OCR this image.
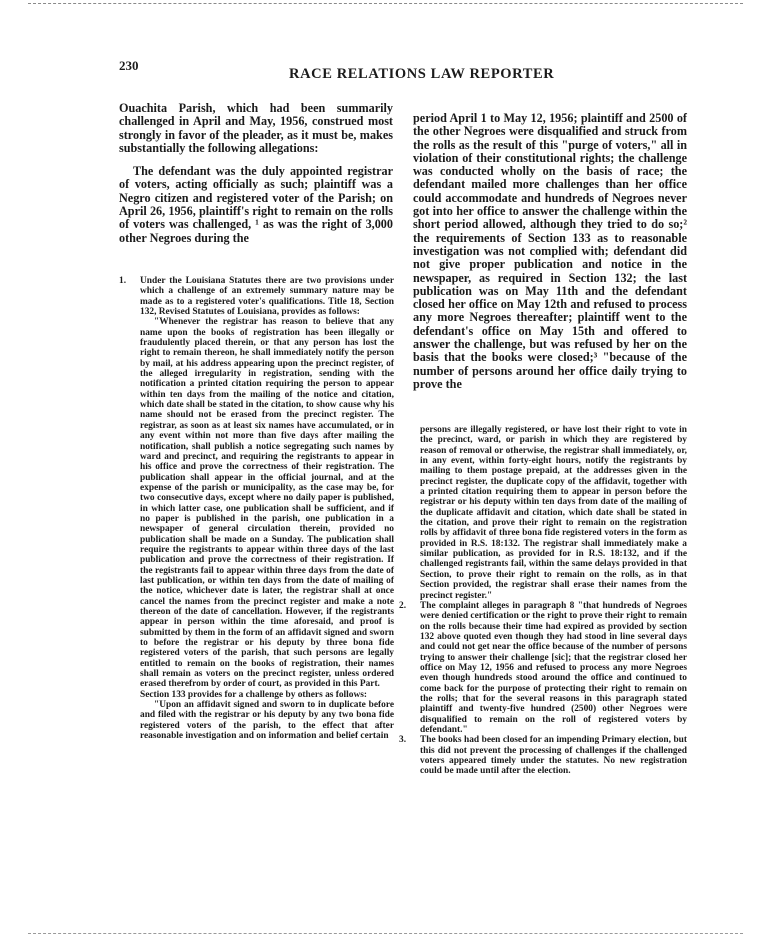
230
RACE RELATIONS LAW REPORTER

Ouachita Parish, which had been summarily challenged in April and May, 1956, construed most strongly in favor of the pleader, as it must be, makes substantially the following allegations:

The defendant was the duly appointed registrar of voters, acting officially as such; plaintiff was a Negro citizen and registered voter of the Parish; on April 26, 1956, plaintiff's right to remain on the rolls of voters was challenged, ¹ as was the right of 3,000 other Negroes during the

1. Under the Louisiana Statutes there are two provisions under which a challenge of an extremely summary nature may be made as to a registered voter's qualifications. Title 18, Section 132, Revised Statutes of Louisiana, provides as follows:

"Whenever the registrar has reason to believe that any name upon the books of registration has been illegally or fraudulently placed therein, or that any person has lost the right to remain thereon, he shall immediately notify the person by mail, at his address appearing upon the precinct register, of the alleged irregularity in registration, sending with the notification a printed citation requiring the person to appear within ten days from the mailing of the notice and citation, which date shall be stated in the citation, to show cause why his name should not be erased from the precinct register. The registrar, as soon as at least six names have accumulated, or in any event within not more than five days after mailing the notification, shall publish a notice segregating such names by ward and precinct, and requiring the registrants to appear in his office and prove the correctness of their registration. The publication shall appear in the official journal, and at the expense of the parish or municipality, as the case may be, for two consecutive days, except where no daily paper is published, in which latter case, one publication shall be sufficient, and if no paper is published in the parish, one publication in a newspaper of general circulation therein, provided no publication shall be made on a Sunday. The publication shall require the registrants to appear within three days of the last publication and prove the correctness of their registration. If the registrants fail to appear within three days from the date of last publication, or within ten days from the date of mailing of the notice, whichever date is later, the registrar shall at once cancel the names from the precinct register and make a note thereon of the date of cancellation. However, if the registrants appear in person within the time aforesaid, and proof is submitted by them in the form of an affidavit signed and sworn to before the registrar or his deputy by three bona fide registered voters of the parish, that such persons are legally entitled to remain on the books of registration, their names shall remain as voters on the precinct register, unless ordered erased therefrom by order of court, as provided in this Part.

Section 133 provides for a challenge by others as follows:

"Upon an affidavit signed and sworn to in duplicate before and filed with the registrar or his deputy by any two bona fide registered voters of the parish, to the effect that after reasonable investigation and on information and belief certain

period April 1 to May 12, 1956; plaintiff and 2500 of the other Negroes were disqualified and struck from the rolls as the result of this "purge of voters," all in violation of their constitutional rights; the challenge was conducted wholly on the basis of race; the defendant mailed more challenges than her office could accommodate and hundreds of Negroes never got into her office to answer the challenge within the short period allowed, although they tried to do so;² the requirements of Section 133 as to reasonable investigation was not complied with; defendant did not give proper publication and notice in the newspaper, as required in Section 132; the last publication was on May 11th and the defendant closed her office on May 12th and refused to process any more Negroes thereafter; plaintiff went to the defendant's office on May 15th and offered to answer the challenge, but was refused by her on the basis that the books were closed;³ "because of the number of persons around her office daily trying to prove the

persons are illegally registered, or have lost their right to vote in the precinct, ward, or parish in which they are registered by reason of removal or otherwise, the registrar shall immediately, or, in any event, within forty-eight hours, notify the registrants by mailing to them postage prepaid, at the addresses given in the precinct register, the duplicate copy of the affidavit, together with a printed citation requiring them to appear in person before the registrar or his deputy within ten days from date of the mailing of the duplicate affidavit and citation, which date shall be stated in the citation, and prove their right to remain on the registration rolls by affidavit of three bona fide registered voters in the form as provided in R.S. 18:132. The registrar shall immediately make a similar publication, as provided for in R.S. 18:132, and if the challenged registrants fail, within the same delays provided in that Section, to prove their right to remain on the rolls, as in that Section provided, the registrar shall erase their names from the precinct register."

2. The complaint alleges in paragraph 8 "that hundreds of Negroes were denied certification or the right to prove their right to remain on the rolls because their time had expired as provided by section 132 above quoted even though they had stood in line several days and could not get near the office because of the number of persons trying to answer their challenge [sic]; that the registrar closed her office on May 12, 1956 and refused to process any more Negroes even though hundreds stood around the office and continued to come back for the purpose of protecting their right to remain on the rolls; that for the several reasons in this paragraph stated plaintiff and twenty-five hundred (2500) other Negroes were disqualified to remain on the roll of registered voters by defendant."

3. The books had been closed for an impending Primary election, but this did not prevent the processing of challenges if the challenged voters appeared timely under the statutes. No new registration could be made until after the election.
